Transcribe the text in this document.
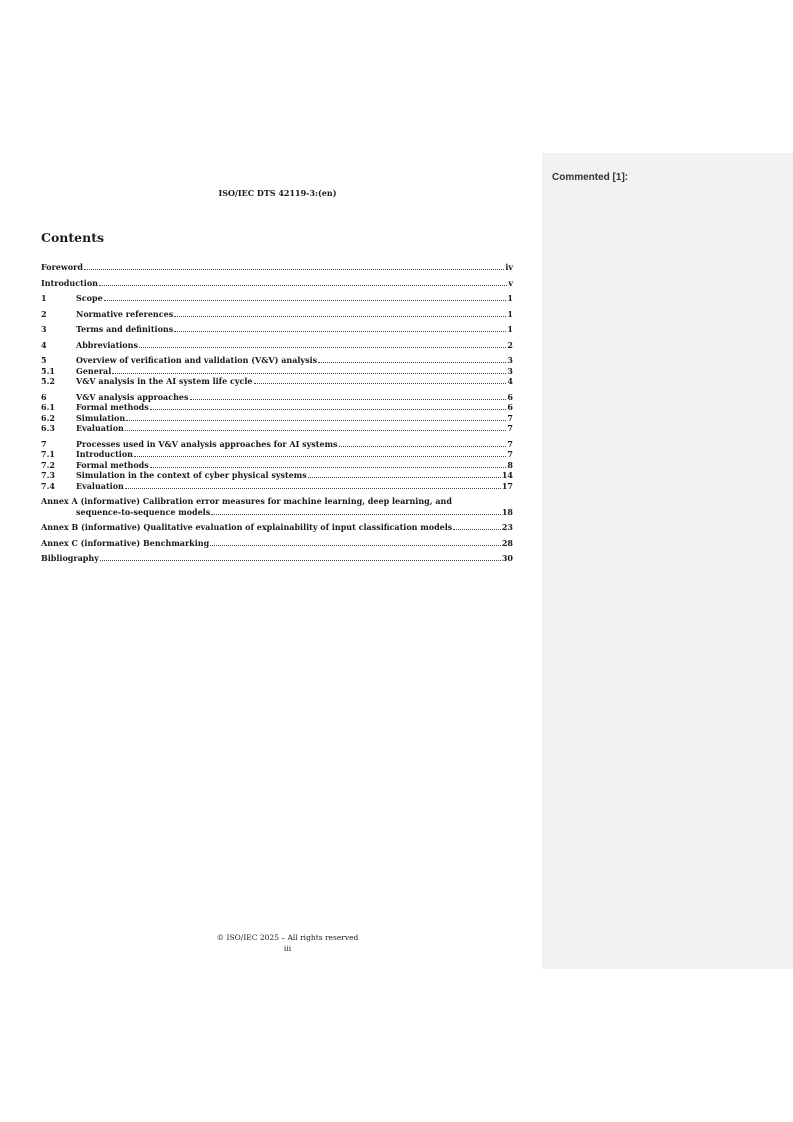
Commented [1]:
ISO/IEC DTS 42119-3:(en)
Contents
Foreword	iv
Introduction	v
1	Scope	1
2	Normative references	1
3	Terms and definitions	1
4	Abbreviations	2
5	Overview of verification and validation (V&V) analysis	3
5.1	General	3
5.2	V&V analysis in the AI system life cycle	4
6	V&V analysis approaches	6
6.1	Formal methods	6
6.2	Simulation	7
6.3	Evaluation	7
7	Processes used in V&V analysis approaches for AI systems	7
7.1	Introduction	7
7.2	Formal methods	8
7.3	Simulation in the context of cyber physical systems	14
7.4	Evaluation	17
Annex A (informative) Calibration error measures for machine learning, deep learning, and
sequence-to-sequence models	18
Annex B (informative) Qualitative evaluation of explainability of input classification models	23
Annex C (informative) Benchmarking	28
Bibliography	30
© ISO/IEC 2025 – All rights reserved
iii
